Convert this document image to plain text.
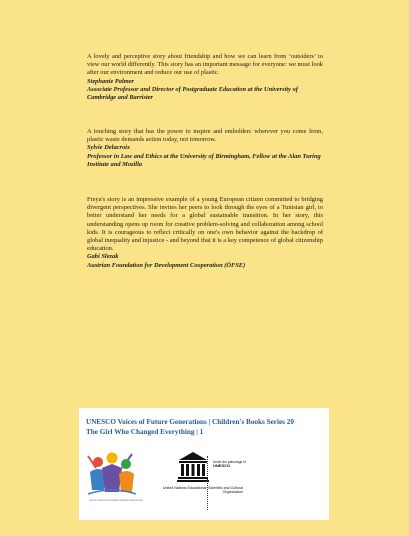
A lovely and perceptive story about friendship and how we can learn from ‘outsiders’ to view our world differently. This story has an important message for everyone: we must look after our environment and reduce our use of plastic.

Stephanie Palmer
Associate Professor and Director of Postgraduate Education at the University of Cambridge and Barrister

A touching story that has the power to inspire and embolden: wherever you come from, plastic waste demands action today, not tomorrow.

Sylvie Delacroix
Professor in Law and Ethics at the University of Birmingham, Fellow at the Alan Turing Institute and Mozilla

Freya's story is an impressive example of a young European citizen committed to bridging divergent perspectives. She invites her peers to look through the eyes of a Tunisian girl, to better understand her needs for a global sustainable transition. In her story, this understanding opens up room for creative problem-solving and collaboration among school kids. It is courageous to reflect critically on one's own behavior against the backdrop of global inequality and injustice - and beyond that it is a key competence of global citizenship education.

Gabi Slezak
Austrian Foundation for Development Cooperation (ÖFSE)

UNESCO Voices of Future Generations | Children's Books Series 20
The Girl Who Changed Everything | 1

Voices of Future Generations Children's Book Series
United Nations Educational, Scientific and Cultural Organization
Under the patronage of
UNESCO
